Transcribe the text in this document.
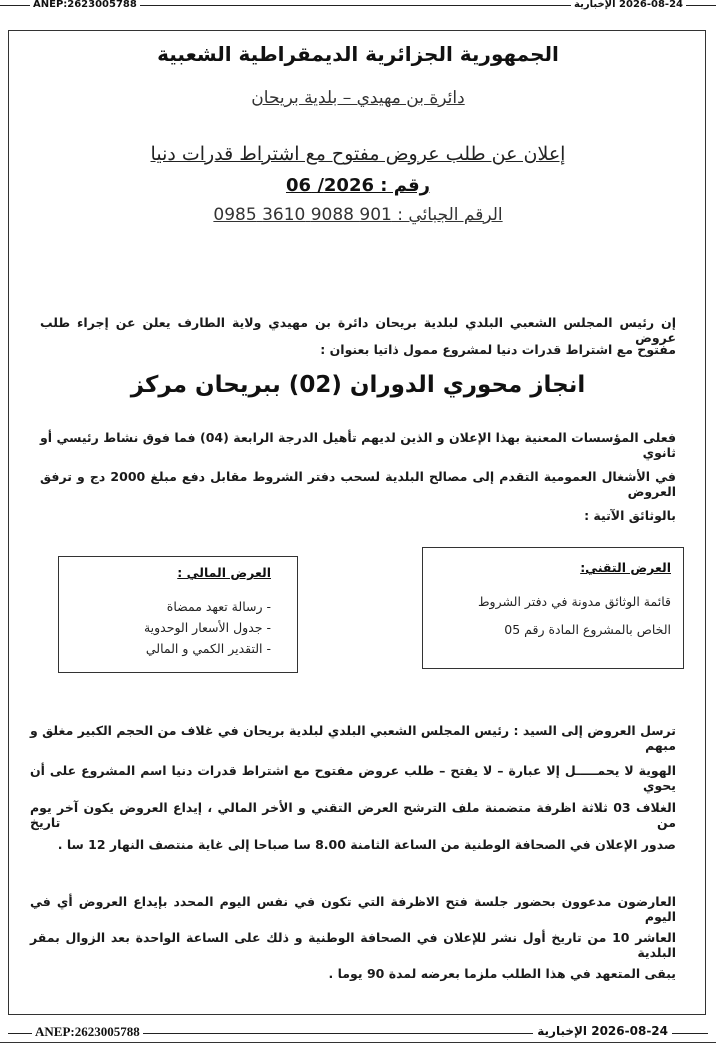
ANEP:2623005788	2026-08-24 الإخبارية
الجمهورية الجزائرية الديمقراطية الشعبية
دائرة بن مهيدي – بلدية بريحان
إعلان عن طلب عروض مفتوح مع اشتراط قدرات دنيا
رقم : 2026/ 06
الرقم الجبائي : 901 9088 3610 0985
إن رئيس المجلس الشعبي البلدي لبلدية بريحان دائرة بن مهيدي ولاية الطارف يعلن عن إجراء طلب عروض
مفتوح مع اشتراط قدرات دنيا لمشروع ممول ذاتيا بعنوان :
انجاز محوري الدوران (02) ببريحان مركز
فعلى المؤسسات المعنية بهذا الإعلان و الذين لديهم تأهيل الدرجة الرابعة (04) فما فوق نشاط رئيسي أو ثانوي
في الأشغال العمومية التقدم إلى مصالح البلدية لسحب دفتر الشروط مقابل دفع مبلغ 2000 دج و ترفق العروض
بالوثائق الآتية :
العرض التقني:
قائمة الوثائق مدونة في دفتر الشروط
الخاص بالمشروع المادة رقم 05
العرض المالي :
- رسالة تعهد ممضاة
- جدول الأسعار الوحدوية
- التقدير الكمي و المالي
ترسل العروض إلى السيد : رئيس المجلس الشعبي البلدي لبلدية بريحان في غلاف من الحجم الكبير مغلق و مبهم
الهوية لا يحمـــــل إلا عبارة – لا يفتح – طلب عروض مفتوح مع اشتراط قدرات دنيا اسم المشروع على أن يحوي
الغلاف 03 ثلاثة اظرفة متضمنة ملف الترشح العرض التقني و الأخر المالي ، إيداع العروض يكون آخر يوم من تاريخ
صدور الإعلان في الصحافة الوطنية من الساعة الثامنة 8.00 سا صباحا إلى غاية منتصف النهار 12 سا .
العارضون مدعوون بحضور جلسة فتح الاظرفة التي تكون في نفس اليوم المحدد بإيداع العروض أي في اليوم
العاشر 10 من تاريخ أول نشر للإعلان في الصحافة الوطنية و ذلك على الساعة الواحدة بعد الزوال بمقر البلدية
يبقى المتعهد في هذا الطلب ملزما بعرضه لمدة 90 يوما .
ANEP:2623005788	2026-08-24 الإخبارية
